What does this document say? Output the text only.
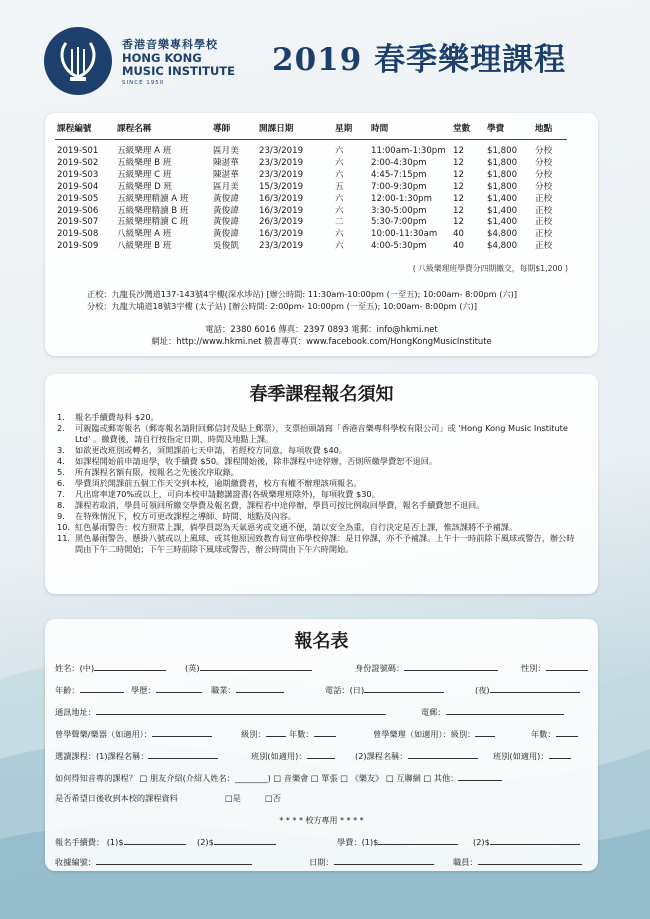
香港音樂專科學校
HONG KONG
MUSIC INSTITUTE
SINCE 1950
2019 春季樂理課程
課程編號	課程名稱	導師	開課日期	星期	時間	堂數	學費	地點
2019-S01	五級樂理 A 班	區月美	23/3/2019	六	11:00am-1:30pm	12	$1,800	分校
2019-S02	五級樂理 B 班	陳湛華	23/3/2019	六	2:00-4:30pm	12	$1,800	分校
2019-S03	五級樂理 C 班	陳湛華	23/3/2019	六	4:45-7:15pm	12	$1,800	分校
2019-S04	五級樂理 D 班	區月美	15/3/2019	五	7:00-9:30pm	12	$1,800	分校
2019-S05	五級樂理精讀 A 班	黃俊諱	16/3/2019	六	12:00-1:30pm	12	$1,400	正校
2019-S06	五級樂理精讀 B 班	黃俊諱	16/3/2019	六	3:30-5:00pm	12	$1,400	正校
2019-S07	五級樂理精讀 C 班	黃俊諱	26/3/2019	二	5:30-7:00pm	12	$1,400	正校
2019-S08	八級樂理 A 班	黃俊諱	16/3/2019	六	10:00-11:30am	40	$4,800	正校
2019-S09	八級樂理 B 班	吳俊凱	23/3/2019	六	4:00-5:30pm	40	$4,800	正校
( 八級樂理班學費分四期繳交，每期$1,200 )
正校：九龍長沙灣道137-143號4字樓(深水埗站) [辦公時間: 11:30am-10:00pm (一至五); 10:00am- 8:00pm (六)]
分校：九龍大埔道18號3字樓 (太子站) [辦公時間: 2:00pm- 10:00pm (一至五); 10:00am- 8:00pm (六)]
電話：2380 6016 傳真：2397 0893 電郵：info@hkmi.net
網址：http://www.hkmi.net 臉書專頁：www.facebook.com/HongKongMusicInstitute
春季課程報名須知
1.	報名手續費每科 $20。
2.	可親臨或郵寄報名（郵寄報名請附回郵信封及貼上郵票），支票抬頭請寫「香港音樂專科學校有限公司」或 ‘Hong Kong Music Institute Ltd’ 。繳費後，請自行按指定日期、時間及地點上課。
3.	如欲更改班別或轉名，須開課前七天申請，若經校方同意，每項收費 $40。
4.	如課程開始前申請退學，收手續費 $50。課程開始後，除非課程中途停辦，否則所繳學費恕不退回。
5.	所有課程名額有限，按報名之先後次序取錄。
6.	學費須於開課前五個工作天交到本校，逾期繳費者，校方有權不辦理該項報名。
7.	凡出席率達70%或以上，可向本校申請聽講證書(各級樂理班除外)，每項收費 $30。
8.	課程若取消，學員可領回所繳交學費及報名費，課程若中途停辦，學員可按比例取回學費，報名手續費恕不退回。
9.	在特殊情況下，校方可更改課程之導師、時間、地點及內容。
10. 紅色暴雨警告：校方照常上課，倘學員認為天氣惡劣或交通不便，請以安全為重，自行決定是否上課，惟該課將不予補課。
11. 黑色暴雨警告、懸掛八號或以上風球、或其他原因致教育局宣佈學校停課：是日停課，亦不予補課。上午十一時前除下風球或警告，辦公時間由下午二時開始；下午三時前除下風球或警告，辦公時間由下午六時開始。
報名表
姓名：(中)	(英)	身份證號碼：	性別：
年齡：	學歷：	職業：	電話：(日)	(夜)
通訊地址：	電郵：
曾學聲樂/樂器（如適用）：	級別：	年數：	曾學樂理（如適用）：級別：	年數：
選讀課程：(1)課程名稱：	班別(如適用)：	(2)課程名稱：	班別(如適用)：
如何得知音專的課程？ □ 朋友介紹(介紹人姓名：________) □ 音樂會 □ 單張 □ 《樂友》 □ 互聯網 □ 其他：
是否希望日後收到本校的課程資料	□是	□否
* * * * 校方專用 * * * *
報名手續費： (1)$	(2)$	學費：(1)$	(2)$
收據編號：	日期：	職員：
